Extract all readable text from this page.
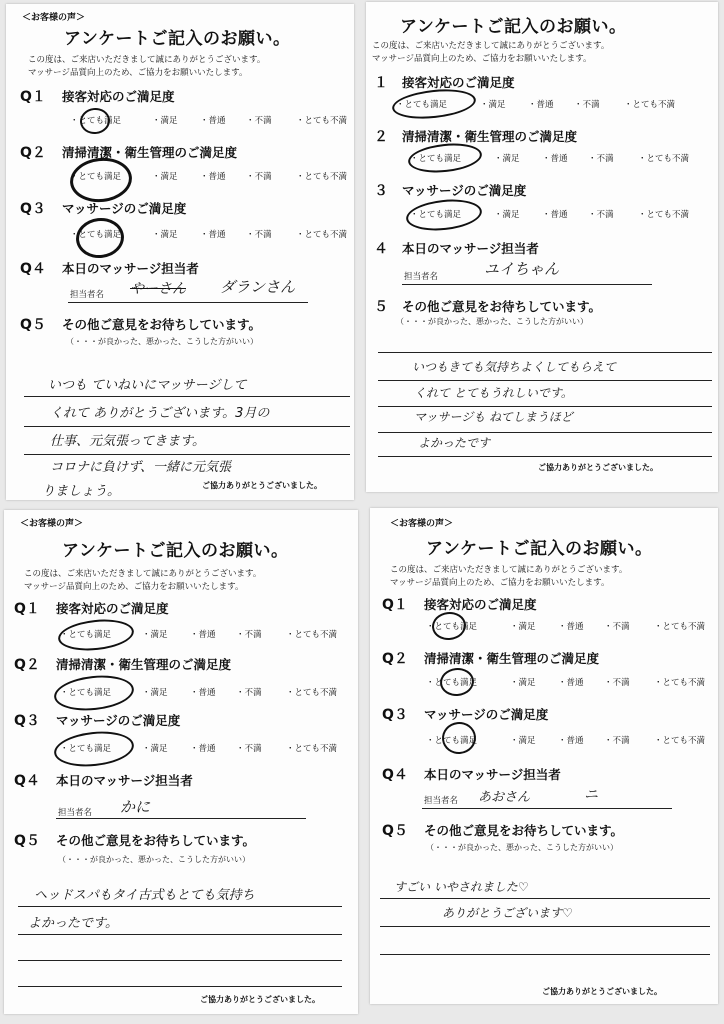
＜お客様の声＞
アンケートご記入のお願い。
この度は、ご来店いただきまして誠にありがとうございます。
マッサージ品質向上のため、ご協力をお願いいたします。
Q１ 接客対応のご満足度
・とても満足	・満足	・普通 ・不満	・とても不満
Q２ 清掃清潔・衛生管理のご満足度
・とても満足	・満足	・普通 ・不満	・とても不満
Q３ マッサージのご満足度
・とても満足	・満足	・普通 ・不満	・とても不満
Q４ 本日のマッサージ担当者
担当者名 やーさん ダランさん
Q５ その他ご意見をお待ちしています。
（・・・が良かった、悪かった、こうした方がいい）
いつも ていねいにマッサージして
くれて ありがとうございます。3月の
仕事、元気張ってきます。
コロナに負けず、一緒に元気張
りましょう。	ご協力ありがとうございました。
アンケートご記入のお願い。
この度は、ご来店いただきまして誠にありがとうございます。
マッサージ品質向上のため、ご協力をお願いいたします。
１ 接客対応のご満足度
・とても満足	・満足	・普通 ・不満	・とても不満
２ 清掃清潔・衛生管理のご満足度
・とても満足	・満足	・普通 ・不満	・とても不満
３ マッサージのご満足度
・とても満足	・満足	・普通 ・不満	・とても不満
４ 本日のマッサージ担当者
担当者名	ユイちゃん
５ その他ご意見をお待ちしています。
（・・・が良かった、悪かった、こうした方がいい）
いつもきても気持ちよくしてもらえて
くれて とてもうれしいです。
マッサージも ねてしまうほど
よかったです
ご協力ありがとうございました。
＜お客様の声＞
アンケートご記入のお願い。
この度は、ご来店いただきまして誠にありがとうございます。
マッサージ品質向上のため、ご協力をお願いいたします。
Q１ 接客対応のご満足度
・とても満足	・満足	・普通 ・不満	・とても不満
Q２ 清掃清潔・衛生管理のご満足度
・とても満足	・満足	・普通 ・不満	・とても不満
Q３ マッサージのご満足度
・とても満足	・満足	・普通 ・不満	・とても不満
Q４ 本日のマッサージ担当者
担当者名 かに
Q５ その他ご意見をお待ちしています。
（・・・が良かった、悪かった、こうした方がいい）
ヘッドスパもタイ古式もとても気持ち
よかったです。
ご協力ありがとうございました。
＜お客様の声＞
アンケートご記入のお願い。
この度は、ご来店いただきまして誠にありがとうございます。
マッサージ品質向上のため、ご協力をお願いいたします。
Q１ 接客対応のご満足度
・とても満足	・満足	・普通 ・不満	・とても不満
Q２ 清掃清潔・衛生管理のご満足度
・とても満足	・満足	・普通 ・不満	・とても不満
Q３ マッサージのご満足度
・とても満足	・満足	・普通 ・不満	・とても不満
Q４ 本日のマッサージ担当者
担当者名 あおさん	ニ
Q５ その他ご意見をお待ちしています。
（・・・が良かった、悪かった、こうした方がいい）
すごい いやされました♡
ありがとうございます♡
ご協力ありがとうございました。
